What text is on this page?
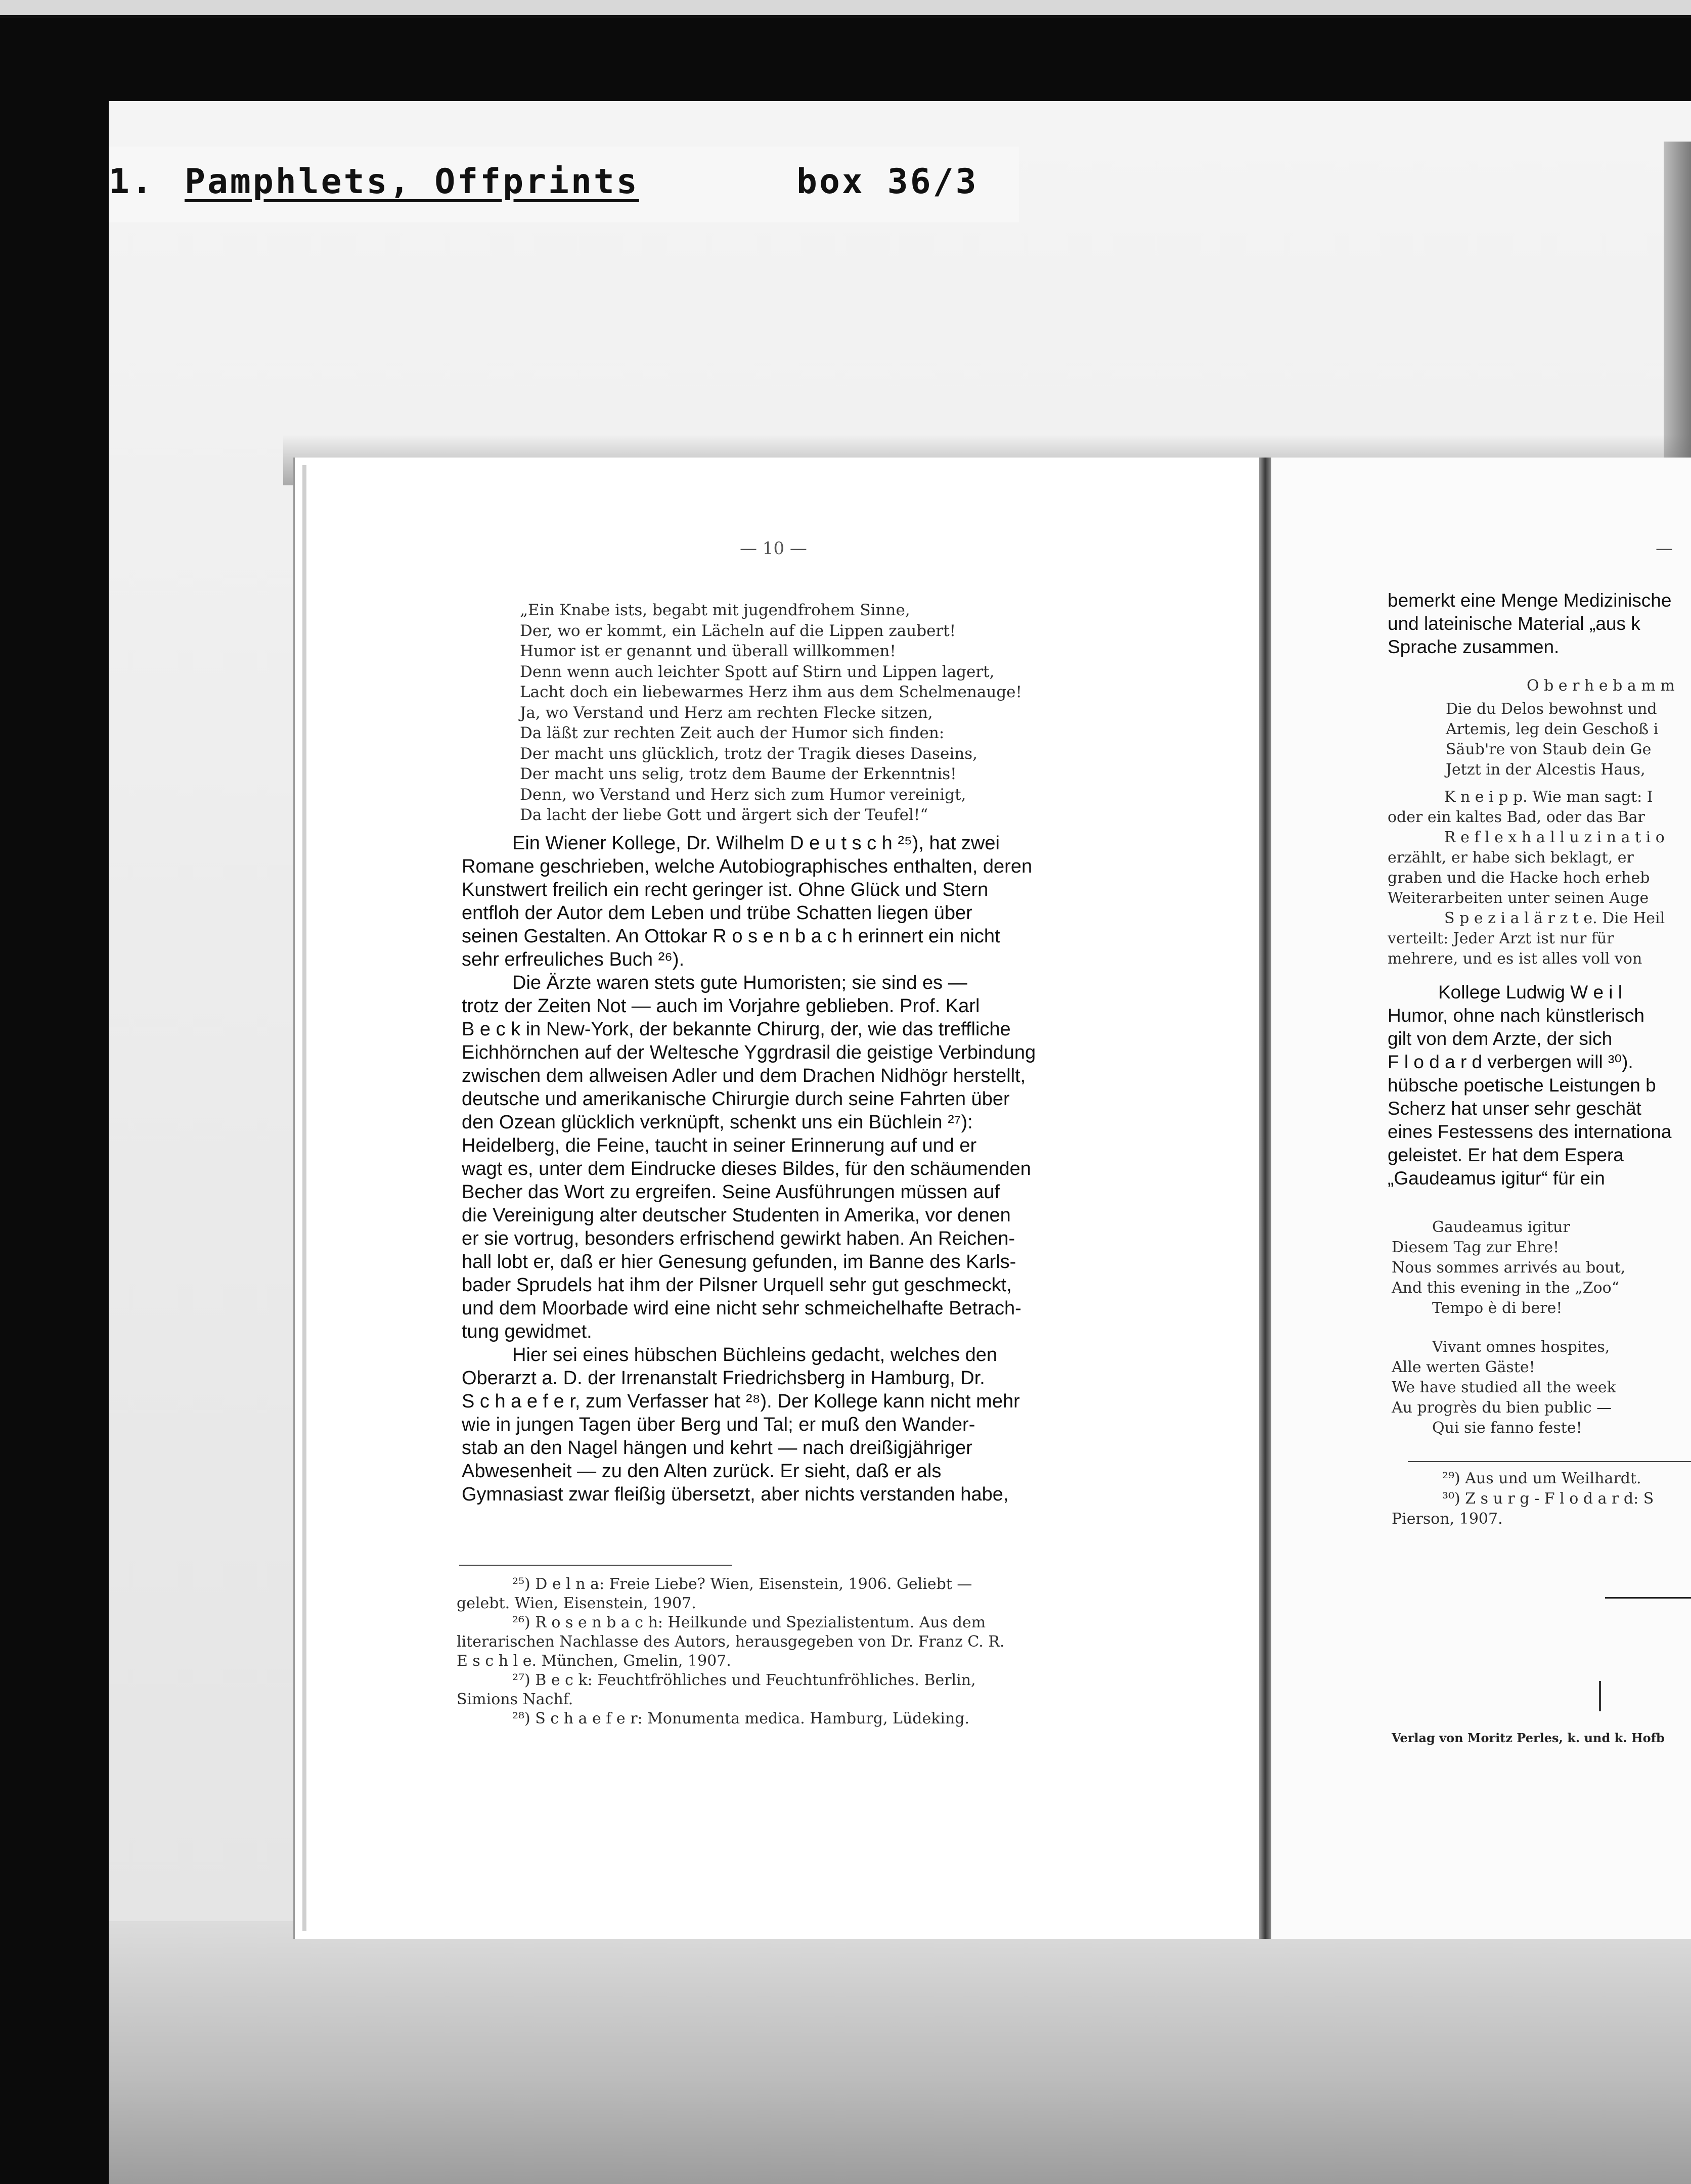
1. Pamphlets, Offprints	box 36/3
— 10 —
„Ein Knabe ists, begabt mit jugendfrohem Sinne,
Der, wo er kommt, ein Lächeln auf die Lippen zaubert!
Humor ist er genannt und überall willkommen!
Denn wenn auch leichter Spott auf Stirn und Lippen lagert,
Lacht doch ein liebewarmes Herz ihm aus dem Schelmenauge!
Ja, wo Verstand und Herz am rechten Flecke sitzen,
Da läßt zur rechten Zeit auch der Humor sich finden:
Der macht uns glücklich, trotz der Tragik dieses Daseins,
Der macht uns selig, trotz dem Baume der Erkenntnis!
Denn, wo Verstand und Herz sich zum Humor vereinigt,
Da lacht der liebe Gott und ärgert sich der Teufel!“
Ein Wiener Kollege, Dr. Wilhelm D e u t s c h ²⁵), hat zwei
Romane geschrieben, welche Autobiographisches enthalten, deren
Kunstwert freilich ein recht geringer ist. Ohne Glück und Stern
entfloh der Autor dem Leben und trübe Schatten liegen über
seinen Gestalten. An Ottokar R o s e n b a c h erinnert ein nicht
sehr erfreuliches Buch ²⁶).
Die Ärzte waren stets gute Humoristen; sie sind es —
trotz der Zeiten Not — auch im Vorjahre geblieben. Prof. Karl
B e c k in New-York, der bekannte Chirurg, der, wie das treffliche
Eichhörnchen auf der Weltesche Yggrdrasil die geistige Verbindung
zwischen dem allweisen Adler und dem Drachen Nidhögr herstellt,
deutsche und amerikanische Chirurgie durch seine Fahrten über
den Ozean glücklich verknüpft, schenkt uns ein Büchlein ²⁷):
Heidelberg, die Feine, taucht in seiner Erinnerung auf und er
wagt es, unter dem Eindrucke dieses Bildes, für den schäumenden
Becher das Wort zu ergreifen. Seine Ausführungen müssen auf
die Vereinigung alter deutscher Studenten in Amerika, vor denen
er sie vortrug, besonders erfrischend gewirkt haben. An Reichen-
hall lobt er, daß er hier Genesung gefunden, im Banne des Karls-
bader Sprudels hat ihm der Pilsner Urquell sehr gut geschmeckt,
und dem Moorbade wird eine nicht sehr schmeichelhafte Betrach-
tung gewidmet.
Hier sei eines hübschen Büchleins gedacht, welches den
Oberarzt a. D. der Irrenanstalt Friedrichsberg in Hamburg, Dr.
S c h a e f e r, zum Verfasser hat ²⁸). Der Kollege kann nicht mehr
wie in jungen Tagen über Berg und Tal; er muß den Wander-
stab an den Nagel hängen und kehrt — nach dreißigjähriger
Abwesenheit — zu den Alten zurück. Er sieht, daß er als
Gymnasiast zwar fleißig übersetzt, aber nichts verstanden habe,
²⁵) D e l n a: Freie Liebe? Wien, Eisenstein, 1906. Geliebt —
gelebt. Wien, Eisenstein, 1907.
²⁶) R o s e n b a c h: Heilkunde und Spezialistentum. Aus dem
literarischen Nachlasse des Autors, herausgegeben von Dr. Franz C. R.
E s c h l e. München, Gmelin, 1907.
²⁷) B e c k: Feuchtfröhliches und Feuchtunfröhliches. Berlin,
Simions Nachf.
²⁸) S c h a e f e r: Monumenta medica. Hamburg, Lüdeking.
—
bemerkt eine Menge Medizinische
und lateinische Material „aus k
Sprache zusammen.
O b e r h e b a m m
Die du Delos bewohnst und
Artemis, leg dein Geschoß i
Säub're von Staub dein Ge
Jetzt in der Alcestis Haus,
K n e i p p. Wie man sagt: I
oder ein kaltes Bad, oder das Bar
R e f l e x h a l l u z i n a t i o
erzählt, er habe sich beklagt, er
graben und die Hacke hoch erheb
Weiterarbeiten unter seinen Auge
S p e z i a l ä r z t e. Die Heil
verteilt: Jeder Arzt ist nur für
mehrere, und es ist alles voll von
Kollege Ludwig W e i l
Humor, ohne nach künstlerisch
gilt von dem Arzte, der sich
F l o d a r d verbergen will ³⁰).
hübsche poetische Leistungen b
Scherz hat unser sehr geschät
eines Festessens des internationa
geleistet. Er hat dem Espera
„Gaudeamus igitur“ für ein
Gaudeamus igitur
Diesem Tag zur Ehre!
Nous sommes arrivés au bout,
And this evening in the „Zoo“
Tempo è di bere!
Vivant omnes hospites,
Alle werten Gäste!
We have studied all the week
Au progrès du bien public —
Qui sie fanno feste!
²⁹) Aus und um Weilhardt.
³⁰) Z s u r g - F l o d a r d: S
Pierson, 1907.
Verlag von Moritz Perles, k. und k. Hofb
